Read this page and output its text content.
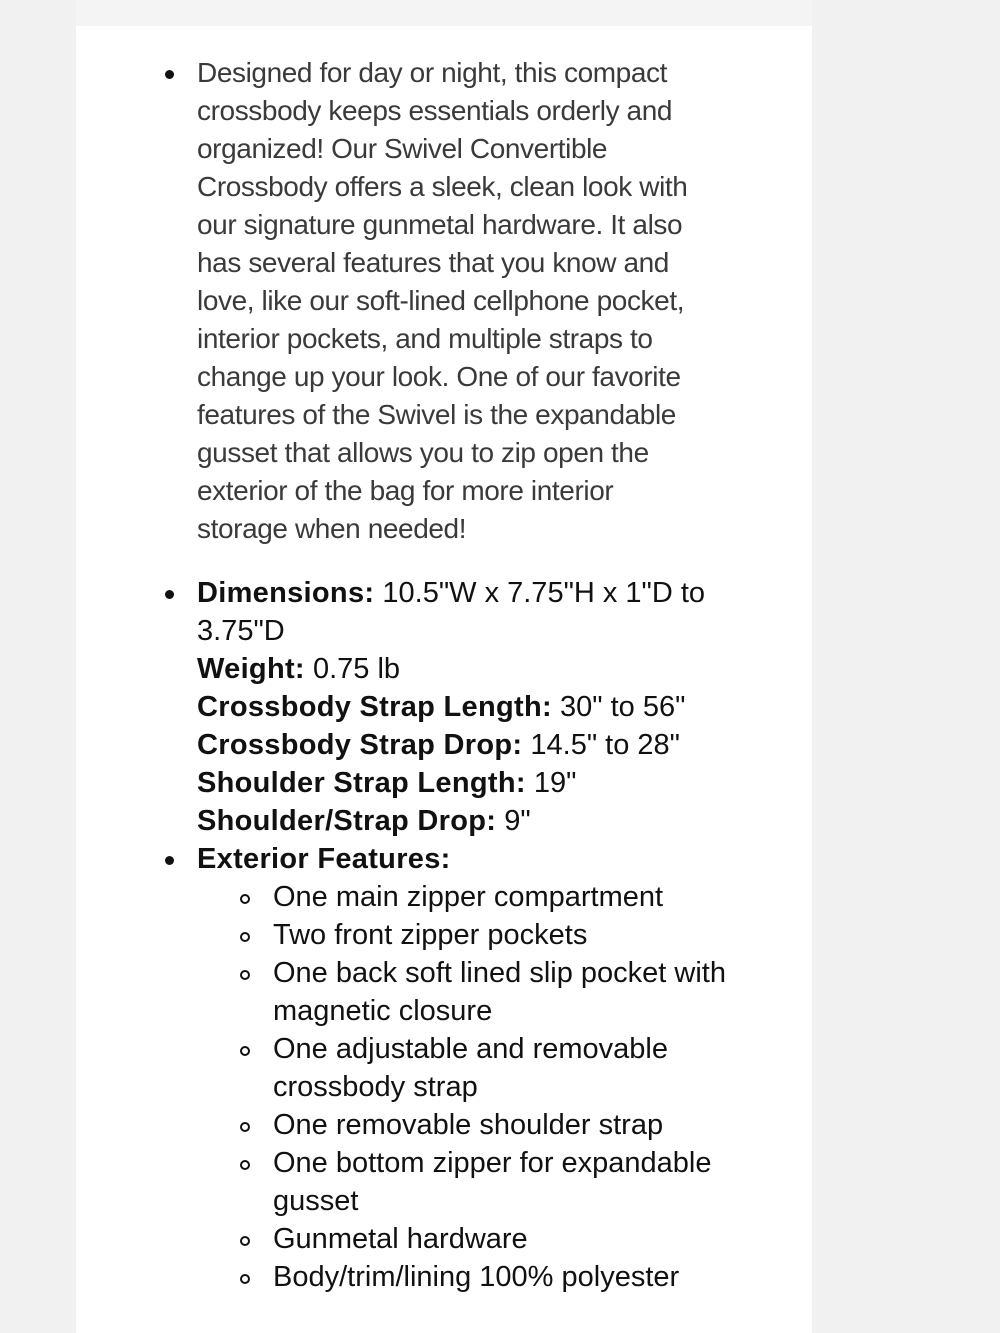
Designed for day or night, this compact
crossbody keeps essentials orderly and
organized! Our Swivel Convertible
Crossbody offers a sleek, clean look with
our signature gunmetal hardware. It also
has several features that you know and
love, like our soft-lined cellphone pocket,
interior pockets, and multiple straps to
change up your look. One of our favorite
features of the Swivel is the expandable
gusset that allows you to zip open the
exterior of the bag for more interior
storage when needed!
Dimensions: 10.5"W x 7.75"H x 1"D to
3.75"D
Weight: 0.75 lb
Crossbody Strap Length: 30" to 56"
Crossbody Strap Drop: 14.5" to 28"
Shoulder Strap Length: 19"
Shoulder/Strap Drop: 9"
Exterior Features:
One main zipper compartment
Two front zipper pockets
One back soft lined slip pocket with
magnetic closure
One adjustable and removable
crossbody strap
One removable shoulder strap
One bottom zipper for expandable
gusset
Gunmetal hardware
Body/trim/lining 100% polyester
